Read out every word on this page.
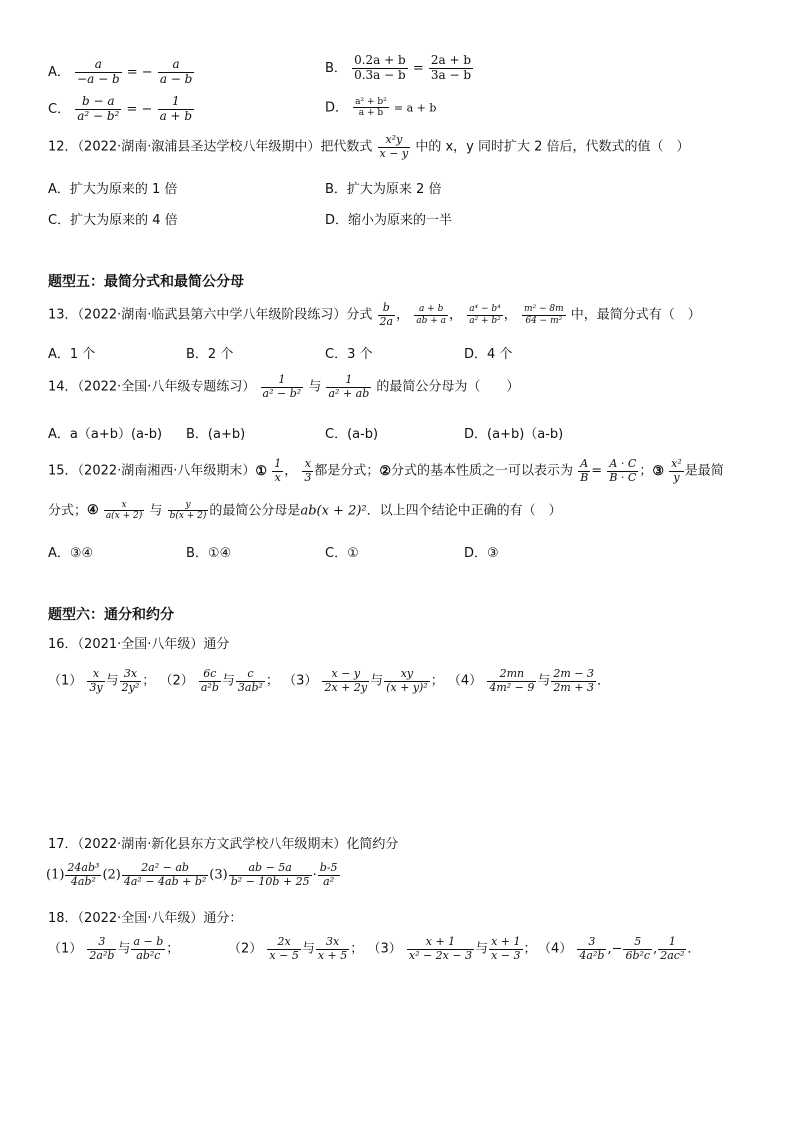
A． $\frac{a}{-a - b}$ = − $\frac{a}{a - b}$	B． $\frac{0.2a + b}{0.3a - b} = \frac{2a + b}{3a - b}$
C． $\frac{b - a}{\text{a² − b²}}$ = − $\frac{1}{a + b}$	D． $\frac{\text{a² + b²}}{a + b} = a + b$
12．（2022·湖南·溆浦县圣达学校八年级期中）把代数式 $\frac{\text{x²y}}{x - y}$ 中的 x，y 同时扩大 2 倍后，代数式的值（　）
A．扩大为原来的 1 倍	B．扩大为原来 2 倍
C．扩大为原来的 4 倍	D．缩小为原来的一半
题型五：最简分式和最简公分母
13．（2022·湖南·临武县第六中学八年级阶段练习）分式 $\frac{b}{2a}$ ， $\frac{a + b}{ab + a}$ ， $\frac{\text{a⁴ − b⁴}}{\text{a² + b²}}$ ， $\frac{\text{m² − 8m}}{\text{64 − m²}}$ 中，最简分式有（　）
A．1 个	B．2 个	C．3 个	D．4 个
14．（2022·全国·八年级专题练习） $\frac{1}{\text{a² − b²}}$ 与 $\frac{1}{\text{a² + ab}}$ 的最简公分母为（　　）
A．a（a+b）(a-b) B．(a+b)	C．(a-b)	D．(a+b)（a-b)
15．（2022·湖南湘西·八年级期末）① $\frac{1}{x}$ ， $\frac{x}{3}$ 都是分式；②分式的基本性质之一可以表示为 $\frac{A}{B} = \frac{A \cdot C}{B \cdot C}$ ；③ $\frac{\text{x²}}{y}$ 是最简
分式；④ $\frac{x}{a(x + 2)}$ 与 $\frac{y}{b(x + 2)}$ 的最简公分母是ab(x + 2)²．以上四个结论中正确的有（　）
A．③④	B．①④	C．①	D．③
题型六：通分和约分
16．（2021·全国·八年级）通分
$(1) \frac{x}{3y}$ 与 $\frac{3x}{\text{2y²}}$ ； $(2) \frac{6c}{\text{a²b}}$ 与 $\frac{c}{\text{3ab²}}$ ； $(3) \frac{x - y}{2x + 2y}$ 与 $\frac{xy}{\text{(x + y)²}}$ ； $(4) \frac{2mn}{\text{4m² − 9}}$ 与 $\frac{2m - 3}{2m + 3}$ ．
17．（2022·湖南·新化县东方文武学校八年级期末）化简约分
$(1) \frac{\text{24ab³}}{\text{4ab²}} (2) \frac{\text{2a² − ab}}{\text{4a² − 4ab + b²}} (3) \frac{ab - 5a}{\text{b² − 10b + 25}} \cdot \frac{b-5}{\text{a²}}$
18．（2022·全国·八年级）通分：
$(1) \frac{3}{\text{2a²b}}$ 与 $\frac{a - b}{\text{ab²c}}$ ；	$(2) \frac{2x}{x - 5}$ 与 $\frac{3x}{x + 5}$ ； $(3) \frac{x + 1}{\text{x² − 2x − 3}}$ 与 $\frac{x + 1}{x - 3}$ ； $(4) \frac{3}{\text{4a²b}}$ ,− $\frac{5}{\text{6b²c}}$ , $\frac{1}{\text{2ac²}}$ ．
